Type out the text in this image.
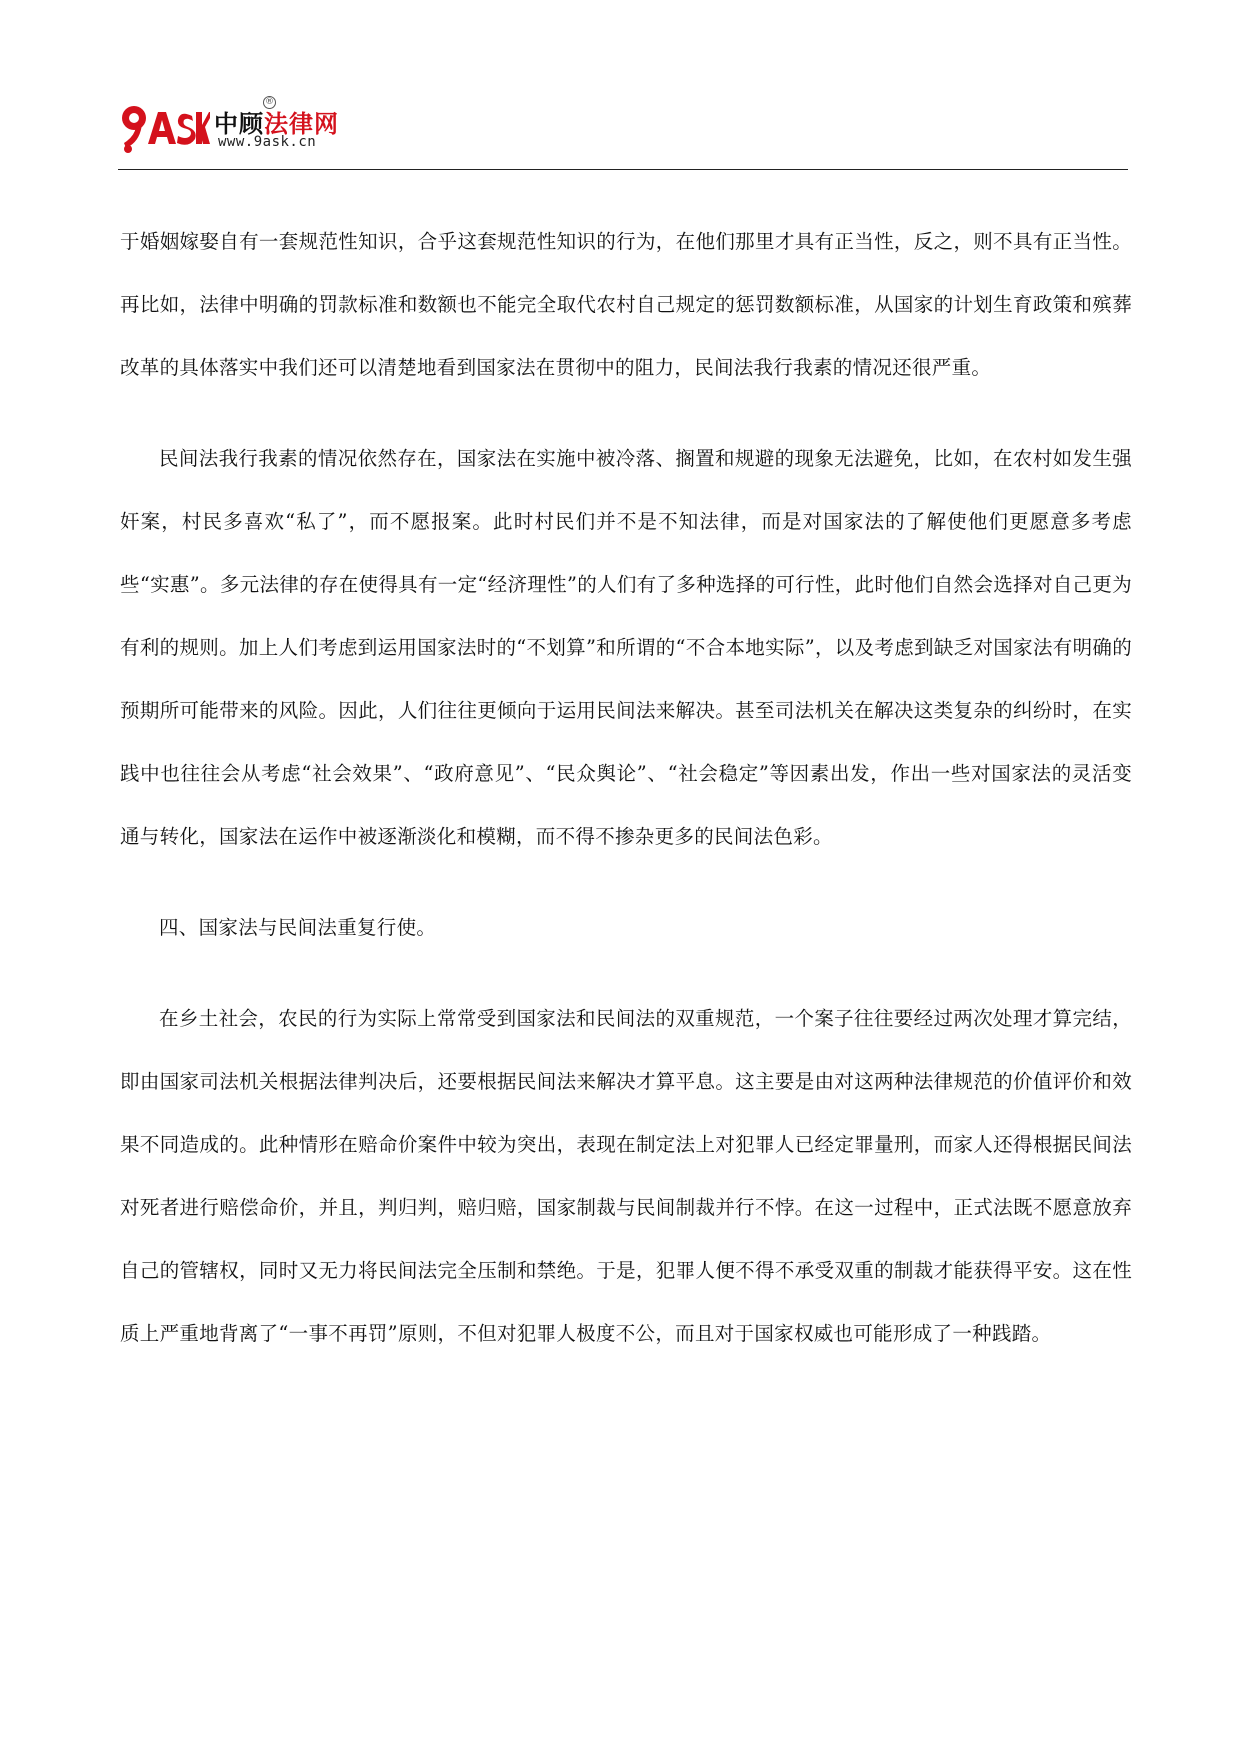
中顾法律网
®
www.9ask.cn

于婚姻嫁娶自有一套规范性知识，合乎这套规范性知识的行为，在他们那里才具有正当性，反之，则不具有正当性。再比如，法律中明确的罚款标准和数额也不能完全取代农村自己规定的惩罚数额标准，从国家的计划生育政策和殡葬改革的具体落实中我们还可以清楚地看到国家法在贯彻中的阻力，民间法我行我素的情况还很严重。

民间法我行我素的情况依然存在，国家法在实施中被冷落、搁置和规避的现象无法避免，比如，在农村如发生强奸案，村民多喜欢“私了”，而不愿报案。此时村民们并不是不知法律，而是对国家法的了解使他们更愿意多考虑些“实惠”。多元法律的存在使得具有一定“经济理性”的人们有了多种选择的可行性，此时他们自然会选择对自己更为有利的规则。加上人们考虑到运用国家法时的“不划算”和所谓的“不合本地实际”，以及考虑到缺乏对国家法有明确的预期所可能带来的风险。因此，人们往往更倾向于运用民间法来解决。甚至司法机关在解决这类复杂的纠纷时，在实践中也往往会从考虑“社会效果”、“政府意见”、“民众舆论”、“社会稳定”等因素出发，作出一些对国家法的灵活变通与转化，国家法在运作中被逐渐淡化和模糊，而不得不掺杂更多的民间法色彩。

四、国家法与民间法重复行使。

在乡土社会，农民的行为实际上常常受到国家法和民间法的双重规范，一个案子往往要经过两次处理才算完结，即由国家司法机关根据法律判决后，还要根据民间法来解决才算平息。这主要是由对这两种法律规范的价值评价和效果不同造成的。此种情形在赔命价案件中较为突出，表现在制定法上对犯罪人已经定罪量刑，而家人还得根据民间法对死者进行赔偿命价，并且，判归判，赔归赔，国家制裁与民间制裁并行不悖。在这一过程中，正式法既不愿意放弃自己的管辖权，同时又无力将民间法完全压制和禁绝。于是，犯罪人便不得不承受双重的制裁才能获得平安。这在性质上严重地背离了“一事不再罚”原则，不但对犯罪人极度不公，而且对于国家权威也可能形成了一种践踏。
